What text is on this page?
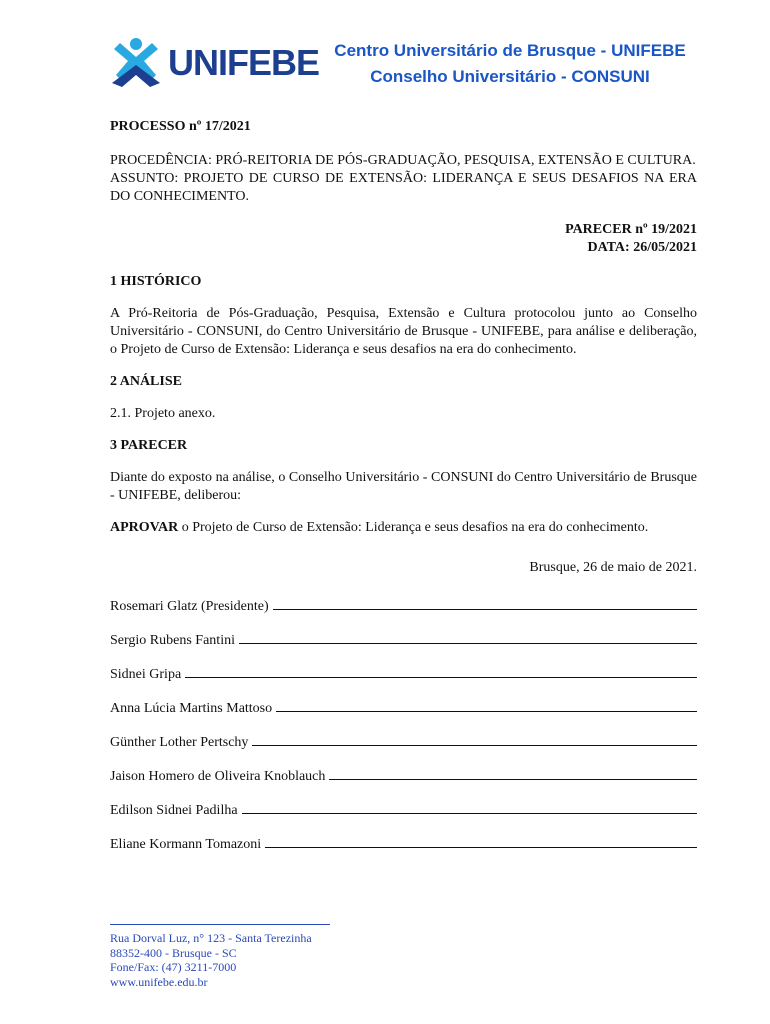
UNIFEBE Centro Universitário de Brusque - UNIFEBE
Conselho Universitário - CONSUNI

PROCESSO nº 17/2021

PROCEDÊNCIA: PRÓ-REITORIA DE PÓS-GRADUAÇÃO, PESQUISA, EXTENSÃO E CULTURA.

ASSUNTO: PROJETO DE CURSO DE EXTENSÃO: LIDERANÇA E SEUS DESAFIOS NA ERA DO CONHECIMENTO.

PARECER nº 19/2021

DATA: 26/05/2021

1 HISTÓRICO

A Pró-Reitoria de Pós-Graduação, Pesquisa, Extensão e Cultura protocolou junto ao Conselho Universitário - CONSUNI, do Centro Universitário de Brusque - UNIFEBE, para análise e deliberação, o Projeto de Curso de Extensão: Liderança e seus desafios na era do conhecimento.

2 ANÁLISE

2.1. Projeto anexo.

3 PARECER

Diante do exposto na análise, o Conselho Universitário - CONSUNI do Centro Universitário de Brusque - UNIFEBE, deliberou:

APROVAR o Projeto de Curso de Extensão: Liderança e seus desafios na era do conhecimento.

Brusque, 26 de maio de 2021.

Rosemari Glatz (Presidente)
Sergio Rubens Fantini
Sidnei Gripa
Anna Lúcia Martins Mattoso
Günther Lother Pertschy
Jaison Homero de Oliveira Knoblauch
Edilson Sidnei Padilha
Eliane Kormann Tomazoni
Rua Dorval Luz, n° 123 - Santa Terezinha
88352-400 - Brusque - SC
Fone/Fax: (47) 3211-7000
www.unifebe.edu.br
